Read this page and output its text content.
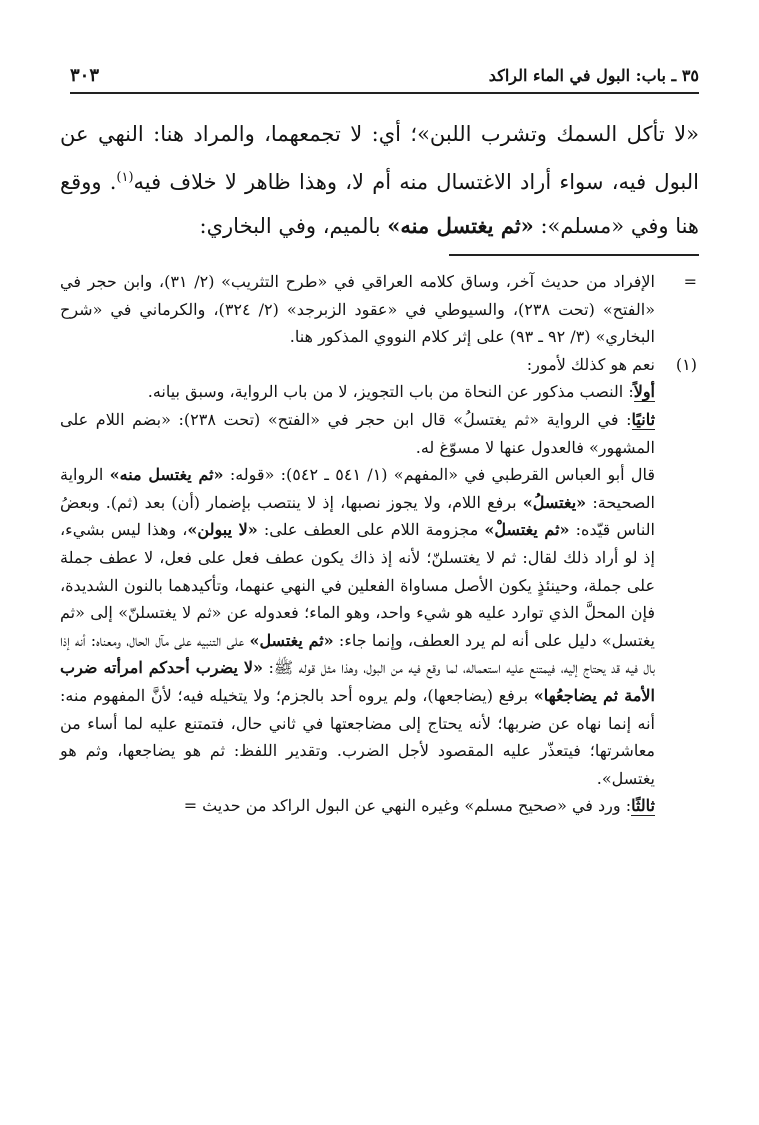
٣٥ ـ باب: البول في الماء الراكد
٣٠٣

«لا تأكل السمك وتشرب اللبن»؛ أي: لا تجمعهما، والمراد هنا: النهي عن البول فيه، سواء أراد الاغتسال منه أم لا، وهذا ظاهر لا خلاف فيه$^{(١)}$. ووقع هنا وفي «مسلم»: «ثم يغتسل منه» بالميم، وفي البخاري:

=

الإفراد من حديث آخر، وساق كلامه العراقي في «طرح التثريب» (٢/ ٣١)، وابن حجر في «الفتح» (تحت ٢٣٨)، والسيوطي في «عقود الزبرجد» (٢/ ٣٢٤)، والكرماني في «شرح البخاري» (٣/ ٩٢ ـ ٩٣) على إثر كلام النووي المذكور هنا.

(١)

نعم هو كذلك لأمور:

أولاً: النصب مذكور عن النحاة من باب التجويز، لا من باب الرواية، وسبق بيانه.

ثانيًا: في الرواية «ثم يغتسلُ» قال ابن حجر في «الفتح» (تحت ٢٣٨): «بضم اللام على المشهور» فالعدول عنها لا مسوّغ له.

قال أبو العباس القرطبي في «المفهم» (١/ ٥٤١ ـ ٥٤٢): «قوله: «ثم يغتسل منه» الرواية الصحيحة: «يغتسلُ» برفع اللام، ولا يجوز نصبها، إذ لا ينتصب بإضمار (أن) بعد (ثم). وبعضُ الناس قيّده: «ثم يغتسلْ» مجزومة اللام على العطف على: «لا يبولن»، وهذا ليس بشيء، إذ لو أراد ذلك لقال: ثم لا يغتسلنّ؛ لأنه إذ ذاك يكون عطف فعل على فعل، لا عطف جملة على جملة، وحينئذٍ يكون الأصل مساواة الفعلين في النهي عنهما، وتأكيدهما بالنون الشديدة، فإن المحلَّ الذي توارد عليه هو شيء واحد، وهو الماء؛ فعدوله عن «ثم لا يغتسلنّ» إلى «ثم يغتسل» دليل على أنه لم يرد العطف، وإنما جاء: «ثم يغتسل» على التنبيه على مآل الحال، ومعناه: أنه إذا بال فيه قد يحتاج إليه، فيمتنع عليه استعماله، لما وقع فيه من البول، وهذا مثل قوله ﷺ: «لا يضرب أحدكم امرأته ضرب الأمة ثم يضاجعُها» برفع (يضاجعها)، ولم يروه أحد بالجزم؛ ولا يتخيله فيه؛ لأنَّ المفهوم منه: أنه إنما نهاه عن ضربها؛ لأنه يحتاج إلى مضاجعتها في ثاني حال، فتمتنع عليه لما أساء من معاشرتها؛ فيتعذّر عليه المقصود لأجل الضرب. وتقدير اللفظ: ثم هو يضاجعها، وثم هو يغتسل».

ثالثًا: ورد في «صحيح مسلم» وغيره النهي عن البول الراكد من حديث =
